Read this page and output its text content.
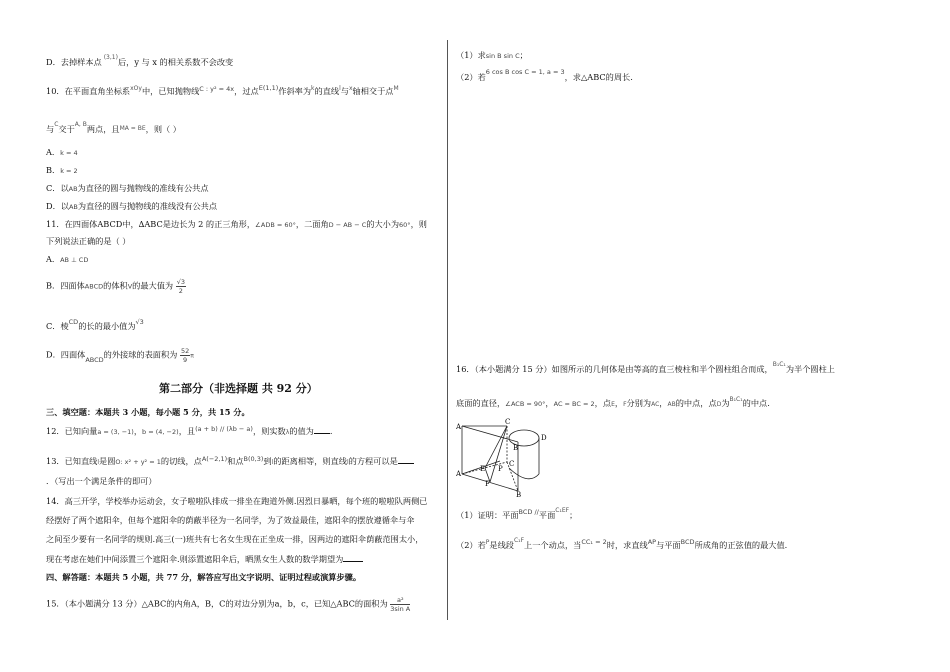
D．去掉样本点 $^{(3,1)}$后，y 与 x 的相关系数不会改变
10．在平面直角坐标系$^{xOy}$中，已知抛物线$^{C : y^2 = 4x}$，过点$^{E(1,1)}$作斜率为$^k$的直线$^l$与$^x$轴相交于点$^M$
与$^C$交于$^{A, B}$两点，且$^{MA = BE}$，则（ ）
A．k = 4
B．k = 2
C．以AB为直径的圆与抛物线的准线有公共点
D．以AB为直径的圆与抛物线的准线没有公共点
11．在四面体ABCD中，∆ABC是边长为 2 的正三角形，∠ADB = 60°，二面角D − AB − C的大小为60°，则
下列说法正确的是（ ）
A．AB ⊥ CD
B．四面体ABCD的体积V的最大值为 $\frac{√3}{2}$
C．棱$^{CD}$的长的最小值为$^{√3}$
D．四面体$_{ABCD}$的外接球的表面积为 $\frac{52}{9}$ π
第二部分（非选择题 共 92 分）
三、填空题：本题共 3 小题，每小题 5 分，共 15 分。
12．已知向量a = (3, −1)，b = (4, −2)，且$^{(a + b) // (\lambda b - a)}$，则实数λ的值为 .
13．已知直线l是圆O: x² + y² = 1的切线，点$^{A(-2,1)}$和点$^{B(0,3)}$到l的距离相等，则直线l的方程可以是
．（写出一个满足条件的即可）
14．高三开学，学校举办运动会，女子啦啦队排成一排坐在跑道外侧.因烈日暴晒，每个班的啦啦队两侧已
经摆好了两个遮阳伞，但每个遮阳伞的荫蔽半径为一名同学，为了效益最佳，遮阳伞的摆放遵循伞与伞
之间至少要有一名同学的规则.高三(一)班共有七名女生现在正坐成一排，因两边的遮阳伞荫蔽范围太小，
现在考虑在她们中间添置三个遮阳伞.则添置遮阳伞后，晒黑女生人数的数学期望为
四、解答题：本题共 5 小题，共 77 分，解答应写出文字说明、证明过程或演算步骤。
15．（本小题满分 13 分）△ABC的内角A，B，C的对边分别为a，b，c，已知△ABC的面积为 $\frac{\text{a²}}{\text{3sin A}}$
（1）求sin B sin C；
（2）若$^{6 cos B cos C = 1, a = 3}$，求△ABC的周长.
16．（本小题满分 15 分）如图所示的几何体是由等高的直三棱柱和半个圆柱组合而成，$^{B_1C_1}$为半个圆柱上
底面的直径，∠ACB = 90°，AC = BC = 2，点E，F分别为AC，AB的中点，点D为$^{B_1C_1}$的中点.
A
C
D
B
A
C
E P
F
B
（1）证明：平面$^{BCD //}$平面$^{C_1EF}$；
（2）若$^P$是线段$^{C_1F}$上一个动点，当$^{CC_1 = 2}$时，求直线$^{AP}$与平面$^{BCD}$所成角的正弦值的最大值.
